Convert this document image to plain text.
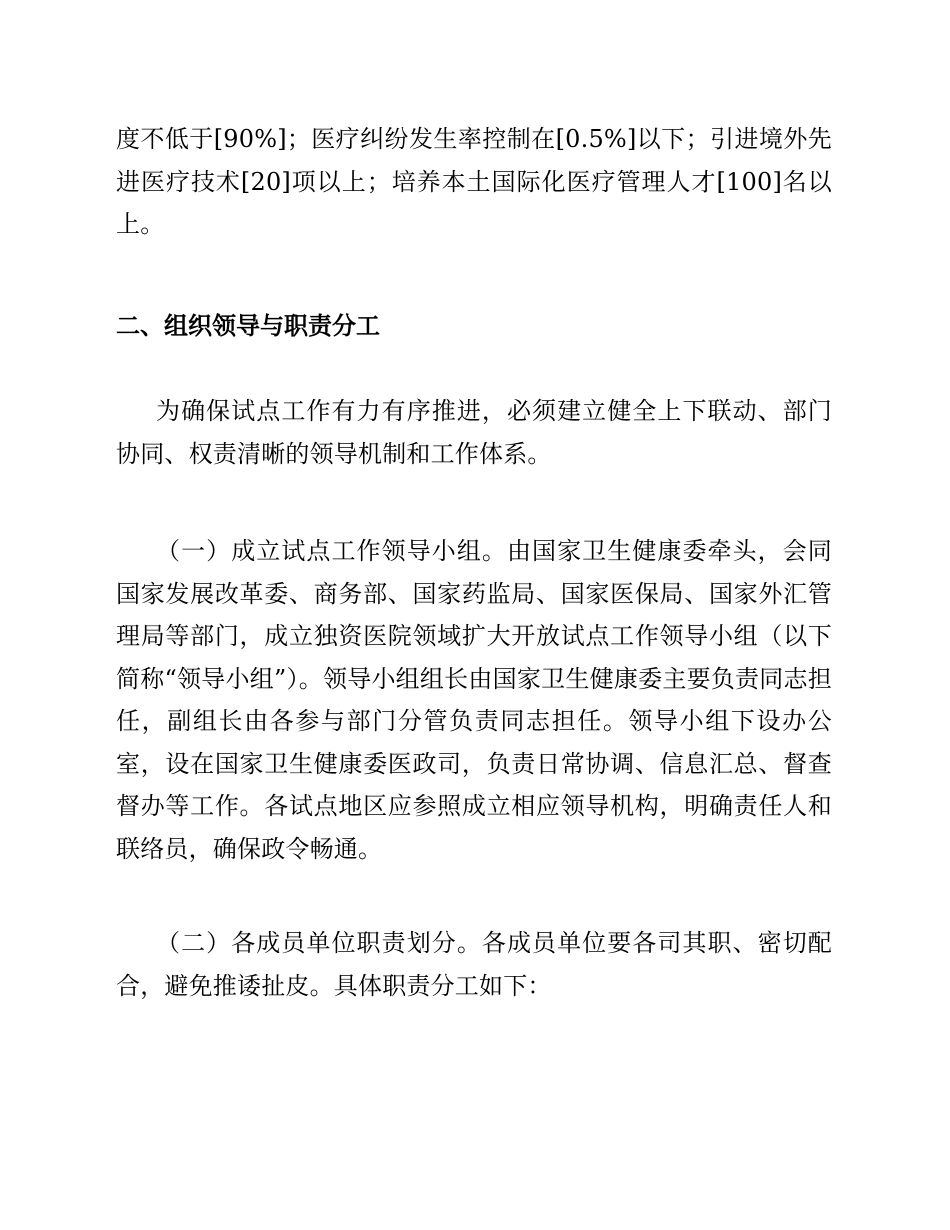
度不低于[90%]；医疗纠纷发生率控制在[0.5%]以下；引进境外先进医疗技术[20]项以上；培养本土国际化医疗管理人才[100]名以上。

二、组织领导与职责分工

为确保试点工作有力有序推进，必须建立健全上下联动、部门协同、权责清晰的领导机制和工作体系。

（一）成立试点工作领导小组。由国家卫生健康委牵头，会同国家发展改革委、商务部、国家药监局、国家医保局、国家外汇管理局等部门，成立独资医院领域扩大开放试点工作领导小组（以下简称“领导小组”）。领导小组组长由国家卫生健康委主要负责同志担任，副组长由各参与部门分管负责同志担任。领导小组下设办公室，设在国家卫生健康委医政司，负责日常协调、信息汇总、督查督办等工作。各试点地区应参照成立相应领导机构，明确责任人和联络员，确保政令畅通。

（二）各成员单位职责划分。各成员单位要各司其职、密切配合，避免推诿扯皮。具体职责分工如下：
